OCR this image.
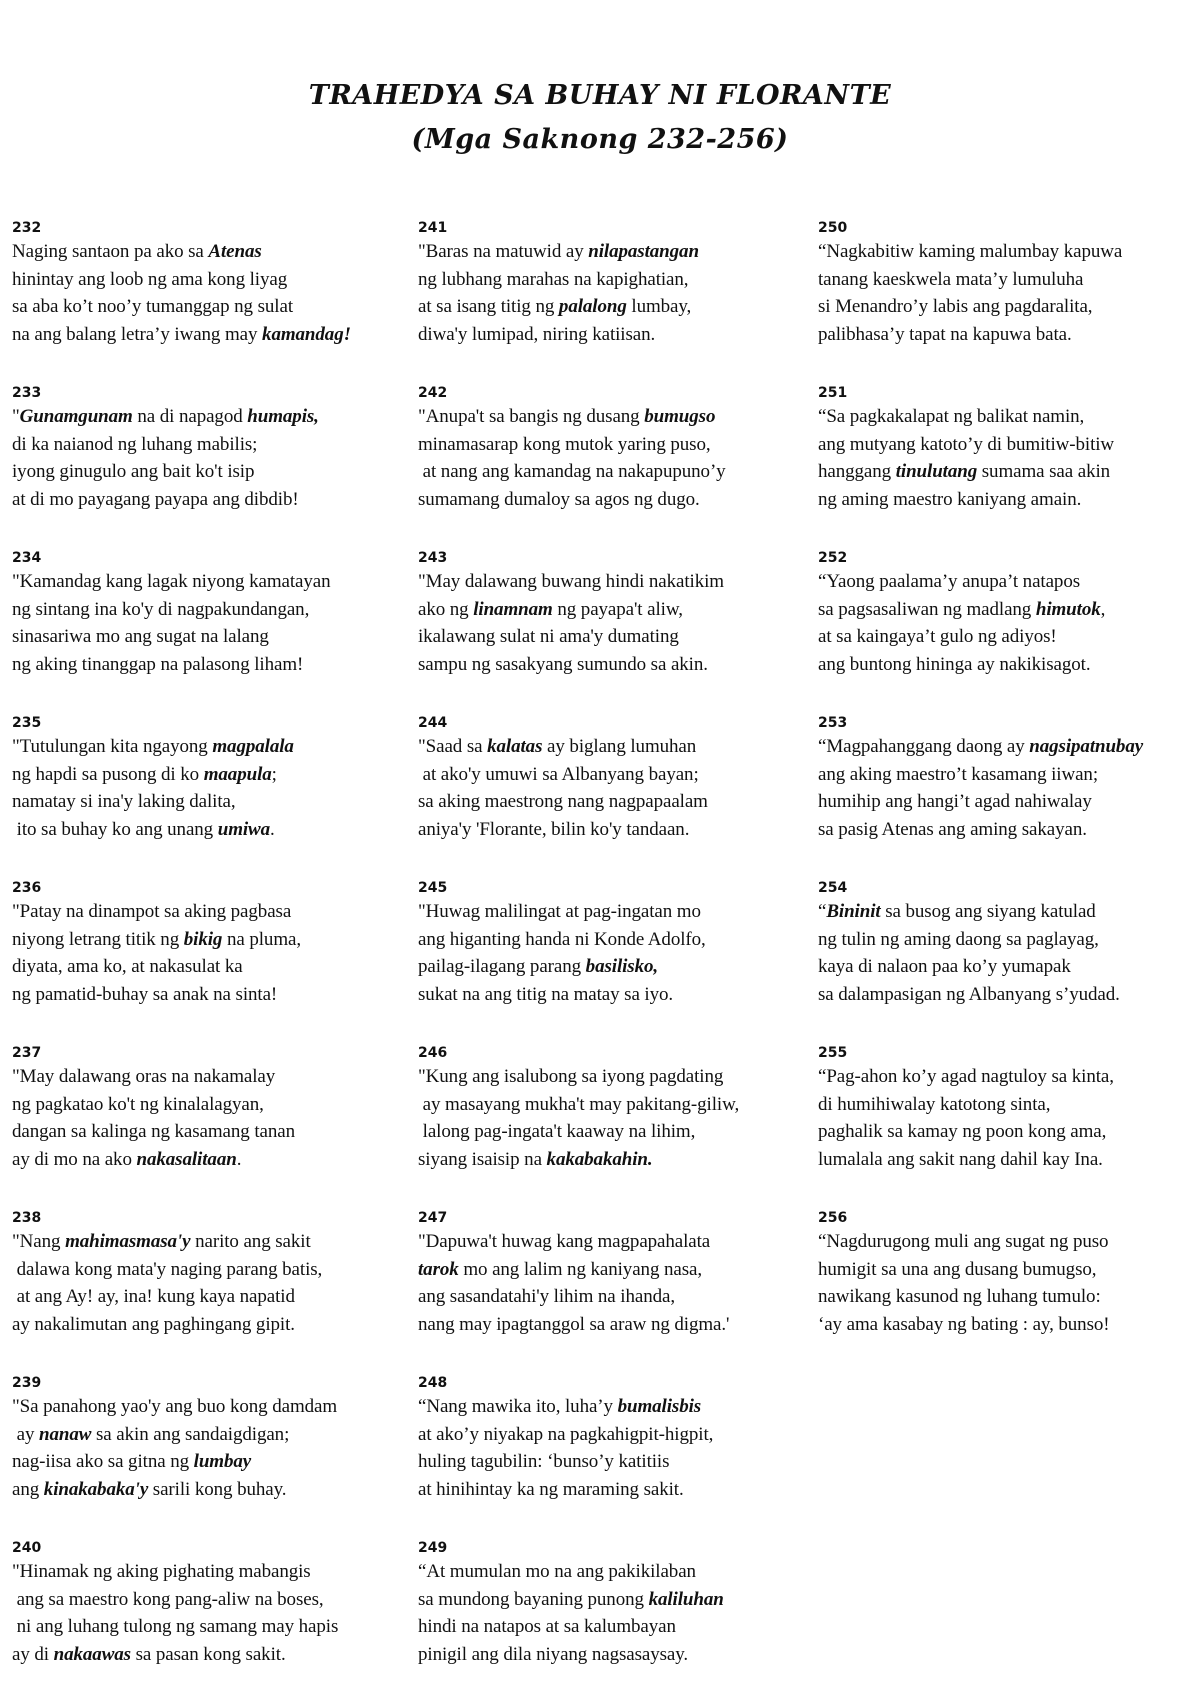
TRAHEDYA SA BUHAY NI FLORANTE
(Mga Saknong 232-256)
232
Naging santaon pa ako sa Atenas
hinintay ang loob ng ama kong liyag
sa aba ko’t noo’y tumanggap ng sulat
na ang balang letra’y iwang may kamandag!
233
"Gunamgunam na di napagod humapis,
di ka naianod ng luhang mabilis;
iyong ginugulo ang bait ko't isip
at di mo payagang payapa ang dibdib!
234
"Kamandag kang lagak niyong kamatayan
ng sintang ina ko'y di nagpakundangan,
sinasariwa mo ang sugat na lalang
ng aking tinanggap na palasong liham!
235
"Tutulungan kita ngayong magpalala
ng hapdi sa pusong di ko maapula;
namatay si ina'y laking dalita,
ito sa buhay ko ang unang umiwa.
236
"Patay na dinampot sa aking pagbasa
niyong letrang titik ng bikig na pluma,
diyata, ama ko, at nakasulat ka
ng pamatid-buhay sa anak na sinta!
237
"May dalawang oras na nakamalay
ng pagkatao ko't ng kinalalagyan,
dangan sa kalinga ng kasamang tanan
ay di mo na ako nakasalitaan.
238
"Nang mahimasmasa'y narito ang sakit
dalawa kong mata'y naging parang batis,
at ang Ay! ay, ina! kung kaya napatid
ay nakalimutan ang paghingang gipit.
239
"Sa panahong yao'y ang buo kong damdam
ay nanaw sa akin ang sandaigdigan;
nag-iisa ako sa gitna ng lumbay
ang kinakabaka'y sarili kong buhay.
240
"Hinamak ng aking pighating mabangis
ang sa maestro kong pang-aliw na boses,
ni ang luhang tulong ng samang may hapis
ay di nakaawas sa pasan kong sakit.
241
"Baras na matuwid ay nilapastangan
ng lubhang marahas na kapighatian,
at sa isang titig ng palalong lumbay,
diwa'y lumipad, niring katiisan.
242
"Anupa't sa bangis ng dusang bumugso
minamasarap kong mutok yaring puso,
at nang ang kamandag na nakapupuno’y
sumamang dumaloy sa agos ng dugo.
243
"May dalawang buwang hindi nakatikim
ako ng linamnam ng payapa't aliw,
ikalawang sulat ni ama'y dumating
sampu ng sasakyang sumundo sa akin.
244
"Saad sa kalatas ay biglang lumuhan
at ako'y umuwi sa Albanyang bayan;
sa aking maestrong nang nagpapaalam
aniya'y 'Florante, bilin ko'y tandaan.
245
"Huwag malilingat at pag-ingatan mo
ang higanting handa ni Konde Adolfo,
pailag-ilagang parang basilisko,
sukat na ang titig na matay sa iyo.
246
"Kung ang isalubong sa iyong pagdating
ay masayang mukha't may pakitang-giliw,
lalong pag-ingata't kaaway na lihim,
siyang isaisip na kakabakahin.
247
"Dapuwa't huwag kang magpapahalata
tarok mo ang lalim ng kaniyang nasa,
ang sasandatahi'y lihim na ihanda,
nang may ipagtanggol sa araw ng digma.'
248
“Nang mawika ito, luha’y bumalisbis
at ako’y niyakap na pagkahigpit-higpit,
huling tagubilin: ‘bunso’y katitiis
at hinihintay ka ng maraming sakit.
249
“At mumulan mo na ang pakikilaban
sa mundong bayaning punong kaliluhan
hindi na natapos at sa kalumbayan
pinigil ang dila niyang nagsasaysay.
250
“Nagkabitiw kaming malumbay kapuwa
tanang kaeskwela mata’y lumuluha
si Menandro’y labis ang pagdaralita,
palibhasa’y tapat na kapuwa bata.
251
“Sa pagkakalapat ng balikat namin,
ang mutyang katoto’y di bumitiw-bitiw
hanggang tinulutang sumama saa akin
ng aming maestro kaniyang amain.
252
“Yaong paalama’y anupa’t natapos
sa pagsasaliwan ng madlang himutok,
at sa kaingaya’t gulo ng adiyos!
ang buntong hininga ay nakikisagot.
253
“Magpahanggang daong ay nagsipatnubay
ang aking maestro’t kasamang iiwan;
humihip ang hangi’t agad nahiwalay
sa pasig Atenas ang aming sakayan.
254
“Bininit sa busog ang siyang katulad
ng tulin ng aming daong sa paglayag,
kaya di nalaon paa ko’y yumapak
sa dalampasigan ng Albanyang s’yudad.
255
“Pag-ahon ko’y agad nagtuloy sa kinta,
di humihiwalay katotong sinta,
paghalik sa kamay ng poon kong ama,
lumalala ang sakit nang dahil kay Ina.
256
“Nagdurugong muli ang sugat ng puso
humigit sa una ang dusang bumugso,
nawikang kasunod ng luhang tumulo:
‘ay ama kasabay ng bating : ay, bunso!
